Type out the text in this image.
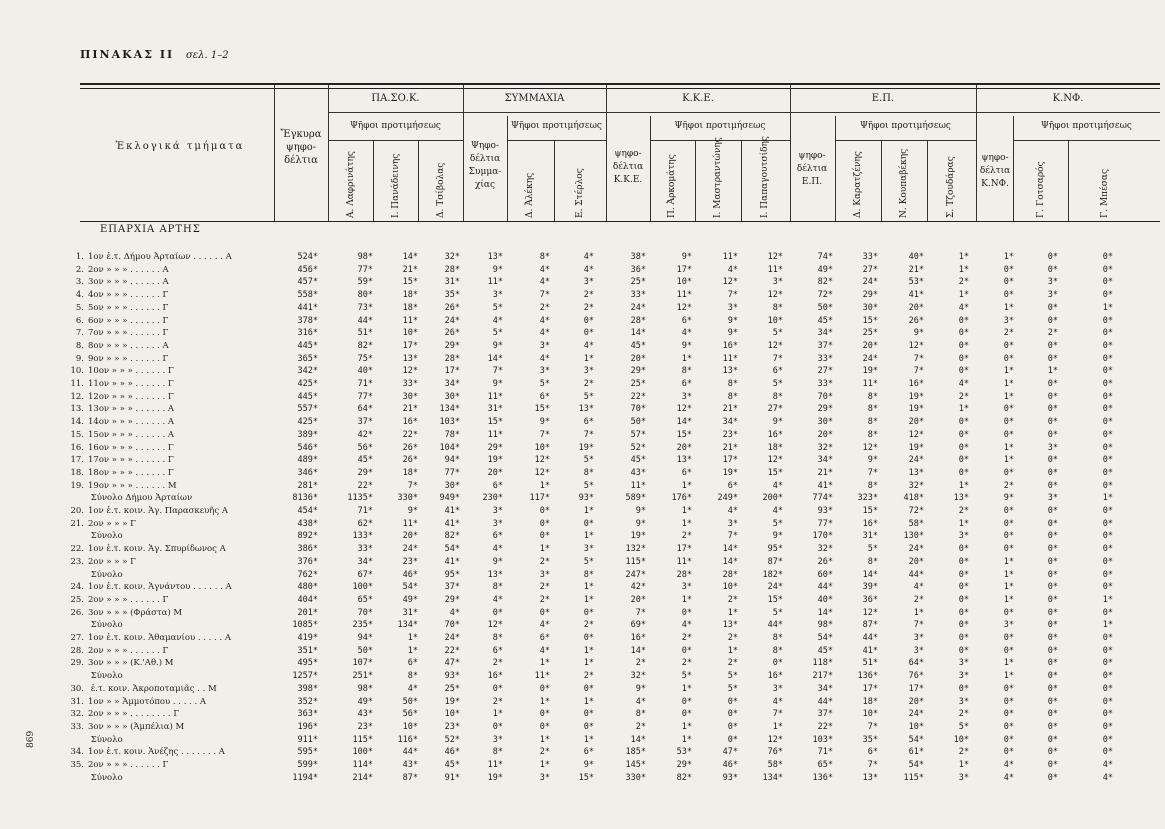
ΠΙΝΑΚΑΣ ΙΙ σελ. 1–2
Ἐκλογικά τμήματα
Ἔγκυρα ψηφο-δέλτια
ΠΑ.ΣΟ.Κ.	ΣΥΜΜΑΧΙΑ	Κ.Κ.Ε.	Ε.Π.	Κ.ΝΦ.
Ψῆφοι προτιμήσεως	Ψῆφοι προτιμήσεως	Ψῆφοι προτιμήσεως	Ψῆφοι προτιμήσεως	Ψῆφοι προτιμήσεως
Ψηφο-δέλτια Συμμα-χίας
ψηφο-δέλτια Κ.Κ.Ε.
ψηφο-δέλτια Ε.Π.
ψηφο-δέλτια Κ.ΝΦ.
Α. Λαφρινάτης	Ι. Πανάδεινης	Δ. Τσίβολας	Δ. Ἀλέκης	Ε. Στέρλος	Π. Ἀρκομάτης	Ι. Μαστραντώνης	Ι. Παπαγουτσίδης	Δ. Καρατζένης	Ν. Κουπαβέκης	Σ. Τζουδάρας	Γ. Γοτσαρός	Γ. Μπέσας
ΕΠΑΡΧΙΑ ΑΡΤΗΣ
1. 1ον ἐ.τ. Δήμου Ἀρταίων . . . . . . Α	524*	98*	14*	32*	13*	8*	4*	38*	9*	11*	12*	74*	33*	40*	1*	1*	0*	0*
2. 2ον » » » . . . . . . Α	456*	77*	21*	28*	9*	4*	4*	36*	17*	4*	11*	49*	27*	21*	1*	0*	0*	0*
3. 3ον » » » . . . . . . Α	457*	59*	15*	31*	11*	4*	3*	25*	10*	12*	3*	82*	24*	53*	2*	0*	3*	0*
4. 4ον » » » . . . . . . Γ	558*	80*	18*	35*	3*	7*	2*	33*	11*	7*	12*	72*	29*	41*	1*	0*	3*	0*
5. 5ον » » » . . . . . . Γ	441*	73*	18*	26*	5*	2*	2*	24*	12*	3*	8*	50*	30*	20*	4*	1*	0*	1*
6. 6ον » » » . . . . . . Γ	378*	44*	11*	24*	4*	4*	0*	28*	6*	9*	10*	45*	15*	26*	0*	3*	0*	0*
7. 7ον » » » . . . . . . Γ	316*	51*	10*	26*	5*	4*	0*	14*	4*	9*	5*	34*	25*	9*	0*	2*	2*	0*
8. 8ον » » » . . . . . . Α	445*	82*	17*	29*	9*	3*	4*	45*	9*	16*	12*	37*	20*	12*	0*	0*	0*	0*
9. 9ον » » » . . . . . . Γ	365*	75*	13*	28*	14*	4*	1*	20*	1*	11*	7*	33*	24*	7*	0*	0*	0*	0*
10. 10ον » » » . . . . . . Γ	342*	40*	12*	17*	7*	3*	3*	29*	8*	13*	6*	27*	19*	7*	0*	1*	1*	0*
11. 11ον » » » . . . . . . Γ	425*	71*	33*	34*	9*	5*	2*	25*	6*	8*	5*	33*	11*	16*	4*	1*	0*	0*
12. 12ον » » » . . . . . . Γ	445*	77*	30*	30*	11*	6*	5*	22*	3*	8*	8*	70*	8*	19*	2*	1*	0*	0*
13. 13ον » » » . . . . . . Α	557*	64*	21*	134*	31*	15*	13*	70*	12*	21*	27*	29*	8*	19*	1*	0*	0*	0*
14. 14ον » » » . . . . . . Α	425*	37*	16*	103*	15*	9*	6*	50*	14*	34*	9*	30*	8*	20*	0*	0*	0*	0*
15. 15ον » » » . . . . . . Α	389*	42*	22*	78*	11*	7*	7*	57*	15*	23*	16*	20*	8*	12*	0*	0*	0*	0*
16. 16ον » » » . . . . . . Γ	546*	56*	26*	104*	29*	10*	19*	52*	20*	21*	18*	32*	12*	19*	0*	1*	3*	0*
17. 17ον » » » . . . . . . Γ	489*	45*	26*	94*	19*	12*	5*	45*	13*	17*	12*	34*	9*	24*	0*	1*	0*	0*
18. 18ον » » » . . . . . . Γ	346*	29*	18*	77*	20*	12*	8*	43*	6*	19*	15*	21*	7*	13*	0*	0*	0*	0*
19. 19ον » » » . . . . . . Μ	281*	22*	7*	30*	6*	1*	5*	11*	1*	6*	4*	41*	8*	32*	1*	2*	0*	0*
Σύνολο Δήμου Ἀρταίων	8136*	1135*	330*	949*	230*	117*	93*	589*	176*	249*	200*	774*	323*	418*	13*	9*	3*	1*
20. 1ον ἐ.τ. κοιν. Ἁγ. Παρασκευῆς Α	454*	71*	9*	41*	3*	0*	1*	9*	1*	4*	4*	93*	15*	72*	2*	0*	0*	0*
21. 2ον » » » Γ	438*	62*	11*	41*	3*	0*	0*	9*	1*	3*	5*	77*	16*	58*	1*	0*	0*	0*
Σύνολο	892*	133*	20*	82*	6*	0*	1*	19*	2*	7*	9*	170*	31*	130*	3*	0*	0*	0*
22. 1ον ἐ.τ. κοιν. Ἁγ. Σπυρίδωνος Α	386*	33*	24*	54*	4*	1*	3*	132*	17*	14*	95*	32*	5*	24*	0*	0*	0*	0*
23. 2ον » » » Γ	376*	34*	23*	41*	9*	2*	5*	115*	11*	14*	87*	26*	8*	20*	0*	1*	0*	0*
Σύνολο	762*	67*	46*	95*	13*	3*	8*	247*	28*	28*	182*	60*	14*	44*	0*	1*	0*	0*
24. 1ον ἐ.τ. κοιν. Ἀγνάντου . . . . . . Α	480*	100*	54*	37*	8*	2*	1*	42*	3*	10*	24*	44*	39*	4*	0*	1*	0*	0*
25. 2ον » » » . . . . . . Γ	404*	65*	49*	29*	4*	2*	1*	20*	1*	2*	15*	40*	36*	2*	0*	1*	0*	1*
26. 3ον » » » (Φράστα) Μ	201*	70*	31*	4*	0*	0*	0*	7*	0*	1*	5*	14*	12*	1*	0*	0*	0*	0*
Σύνολο	1085*	235*	134*	70*	12*	4*	2*	69*	4*	13*	44*	98*	87*	7*	0*	3*	0*	1*
27. 1ον ἐ.τ. κοιν. Ἀθαμανίου . . . . . Α	419*	94*	1*	24*	8*	6*	0*	16*	2*	2*	8*	54*	44*	3*	0*	0*	0*	0*
28. 2ον » » » . . . . . . Γ	351*	50*	1*	22*	6*	4*	1*	14*	0*	1*	8*	45*	41*	3*	0*	0*	0*	0*
29. 3ον » » » (Κ.'Αθ.) Μ	495*	107*	6*	47*	2*	1*	1*	2*	2*	2*	0*	118*	51*	64*	3*	1*	0*	0*
Σύνολο	1257*	251*	8*	93*	16*	11*	2*	32*	5*	5*	16*	217*	136*	76*	3*	1*	0*	0*
30. ἐ.τ. κοιν. Ἀκροποταμιᾶς . . Μ	398*	98*	4*	25*	0*	0*	0*	9*	1*	5*	3*	34*	17*	17*	0*	0*	0*	0*
31. 1ον » » Ἀμμοτόπου . . . . . Α	352*	49*	50*	19*	2*	1*	1*	4*	0*	0*	4*	44*	18*	20*	3*	0*	0*	0*
32. 2ον » » » . . . . . . . . Γ	363*	43*	56*	10*	1*	0*	0*	8*	0*	0*	7*	37*	10*	24*	2*	0*	0*	0*
33. 3ον » » » (Ἀμπέλια) Μ	196*	23*	10*	23*	0*	0*	0*	2*	1*	0*	1*	22*	7*	10*	5*	0*	0*	0*
Σύνολο	911*	115*	116*	52*	3*	1*	1*	14*	1*	0*	12*	103*	35*	54*	10*	0*	0*	0*
34. 1ον ἐ.τ. κοιν. Ἀνέζης . . . . . . . Α	595*	100*	44*	46*	8*	2*	6*	185*	53*	47*	76*	71*	6*	61*	2*	0*	0*	0*
35. 2ον » » » . . . . . . Γ	599*	114*	43*	45*	11*	1*	9*	145*	29*	46*	58*	65*	7*	54*	1*	4*	0*	4*
Σύνολο	1194*	214*	87*	91*	19*	3*	15*	330*	82*	93*	134*	136*	13*	115*	3*	4*	0*	4*
869
